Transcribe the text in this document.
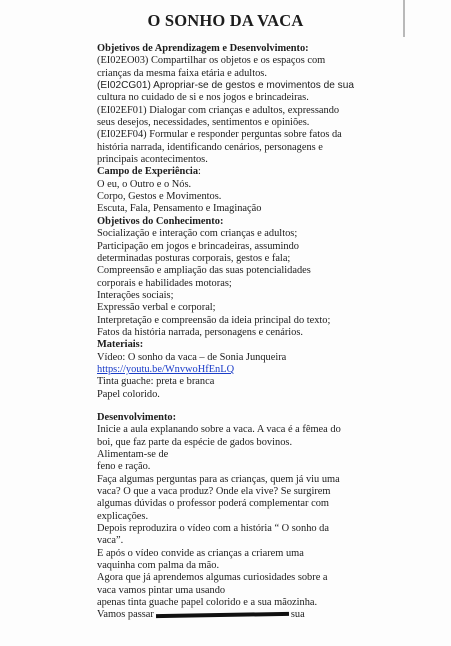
O SONHO DA VACA
Objetivos de Aprendizagem e Desenvolvimento:
(EI02EO03) Compartilhar os objetos e os espaços com
crianças da mesma faixa etária e adultos.
(EI02CG01) Apropriar-se de gestos e movimentos de sua
cultura no cuidado de si e nos jogos e brincadeiras.
(EI02EF01) Dialogar com crianças e adultos, expressando
seus desejos, necessidades, sentimentos e opiniões.
(EI02EF04) Formular e responder perguntas sobre fatos da
história narrada, identificando cenários, personagens e
principais acontecimentos.
Campo de Experiência:
O eu, o Outro e o Nós.
Corpo, Gestos e Movimentos.
Escuta, Fala, Pensamento e Imaginação
Objetivos do Conhecimento:
Socialização e interação com crianças e adultos;
Participação em jogos e brincadeiras, assumindo
determinadas posturas corporais, gestos e fala;
Compreensão e ampliação das suas potencialidades
corporais e habilidades motoras;
Interações sociais;
Expressão verbal e corporal;
Interpretação e compreensão da ideia principal do texto;
Fatos da história narrada, personagens e cenários.
Materiais:
Vídeo: O sonho da vaca – de Sonia Junqueira
https://youtu.be/WnvwoHfEnLQ
Tinta guache: preta e branca
Papel colorido.
Desenvolvimento:
Inicie a aula explanando sobre a vaca. A vaca é a fêmea do
boi, que faz parte da espécie de gados bovinos.
Alimentam-se de
feno e ração.
Faça algumas perguntas para as crianças, quem já viu uma
vaca? O que a vaca produz? Onde ela vive? Se surgirem
algumas dúvidas o professor poderá complementar com
explicações.
Depois reproduzira o vídeo com a história “ O sonho da
vaca”.
E após o vídeo convide as crianças a criarem uma
vaquinha com palma da mão.
Agora que já aprendemos algumas curiosidades sobre a
vaca vamos pintar uma usando
apenas tinta guache papel colorido e a sua mãozinha.
Vamos passar	sua
